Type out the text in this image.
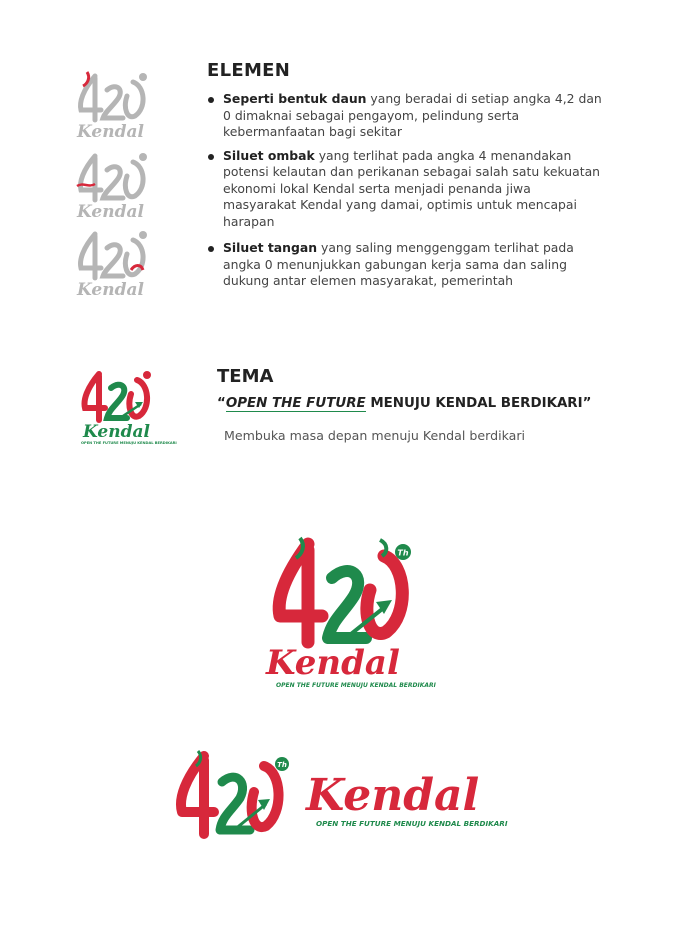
Kendal
Kendal
Kendal
ELEMEN
Seperti bentuk daun yang beradai di setiap angka 4,2 dan 0 dimaknai sebagai pengayom, pelindung serta kebermanfaatan bagi sekitar
Siluet ombak yang terlihat pada angka 4 menandakan potensi kelautan dan perikanan sebagai salah satu kekuatan ekonomi lokal Kendal serta menjadi penanda jiwa masyarakat Kendal yang damai, optimis untuk mencapai harapan
Siluet tangan yang saling menggenggam terlihat pada angka 0 menunjukkan gabungan kerja sama dan saling dukung antar elemen masyarakat, pemerintah
Kendal
OPEN THE FUTURE MENUJU KENDAL BERDIKARI
TEMA
“OPEN THE FUTURE MENUJU KENDAL BERDIKARI”
Membuka masa depan menuju Kendal berdikari
Th
Kendal
OPEN THE FUTURE MENUJU KENDAL BERDIKARI
Th
Kendal
OPEN THE FUTURE MENUJU KENDAL BERDIKARI
